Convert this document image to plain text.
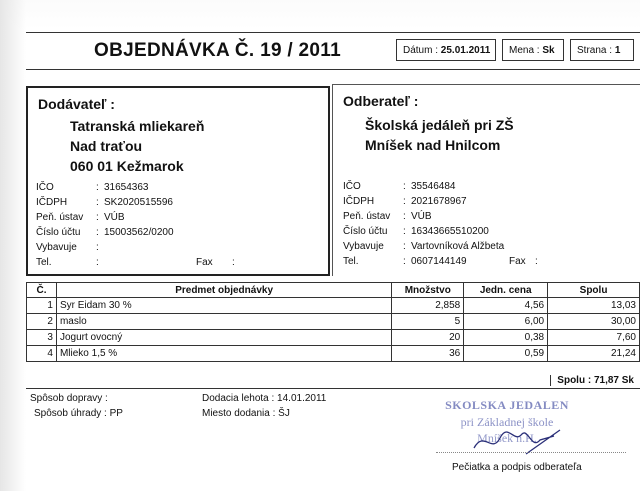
OBJEDNÁVKA Č. 19 / 2011	Dátum : 25.01.2011	Mena : Sk	Strana : 1
Dodávateľ :
Tatranská mliekareň
Nad traťou
060 01 Kežmarok
IČO	: 31654363
IČDPH	: SK2020515596
Peň. ústav	: VÚB
Číslo účtu	: 15003562/0200
Vybavuje	:
Tel.	:	Fax :
Odberateľ :
Školská jedáleň pri ZŠ
Mníšek nad Hnilcom
IČO	: 35546484
IČDPH	: 2021678967
Peň. ústav	: VÚB
Číslo účtu	: 16343665510200
Vybavuje	: Vartovníková Alžbeta
Tel.	: 0607144149	Fax :
Č.	Predmet objednávky	Množstvo	Jedn. cena	Spolu
1	Syr Eidam 30 %	2,858	4,56	13,03
2	maslo	5	6,00	30,00
3	Jogurt ovocný	20	0,38	7,60
4	Mlieko 1,5 %	36	0,59	21,24
Spolu : 71,87 Sk
Spôsob dopravy :
Spôsob úhrady : PP
Dodacia lehota : 14.01.2011
Miesto dodania : ŠJ
SKOLSKA JEDALEN
pri Základnej škole
Mníšek n.H.
Pečiatka a podpis odberateľa
